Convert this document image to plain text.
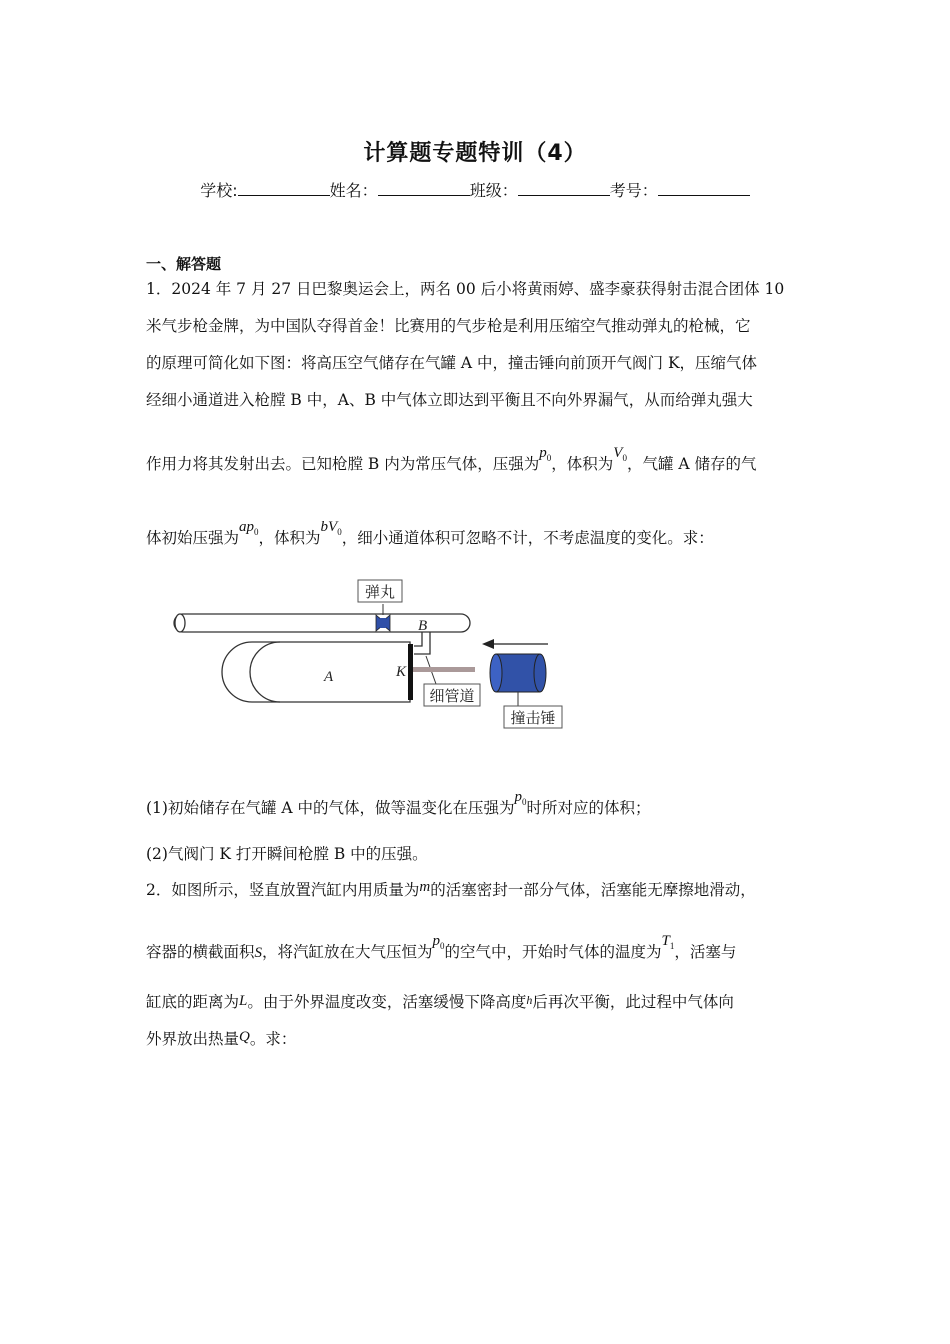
计算题专题特训（4）
学校:	姓名：	班级：	考号：
一、解答题
1．2024 年 7 月 27 日巴黎奥运会上，两名 00 后小将黄雨婷、盛李豪获得射击混合团体 10
米气步枪金牌，为中国队夺得首金！比赛用的气步枪是利用压缩空气推动弹丸的枪械，它
的原理可简化如下图：将高压空气储存在气罐 A 中，撞击锤向前顶开气阀门 K，压缩气体
经细小通道进入枪膛 B 中，A、B 中气体立即达到平衡且不向外界漏气，从而给弹丸强大
作用力将其发射出去。已知枪膛 B 内为常压气体，压强为$p_0$，体积为$V_0$，气罐 A 储存的气
体初始压强为$ap_0$，体积为$bV_0$，细小通道体积可忽略不计，不考虑温度的变化。求：
弹丸
B
A	K
细管道
撞击锤
(1)初始储存在气罐 A 中的气体，做等温变化在压强为$p_0$时所对应的体积；
(2)气阀门 K 打开瞬间枪膛 B 中的压强。
2．如图所示，竖直放置汽缸内用质量为m的活塞密封一部分气体，活塞能无摩擦地滑动，
容器的横截面积S，将汽缸放在大气压恒为$p_0$的空气中，开始时气体的温度为$T_1$，活塞与
缸底的距离为L。由于外界温度改变，活塞缓慢下降高度h后再次平衡，此过程中气体向
外界放出热量Q。求：
